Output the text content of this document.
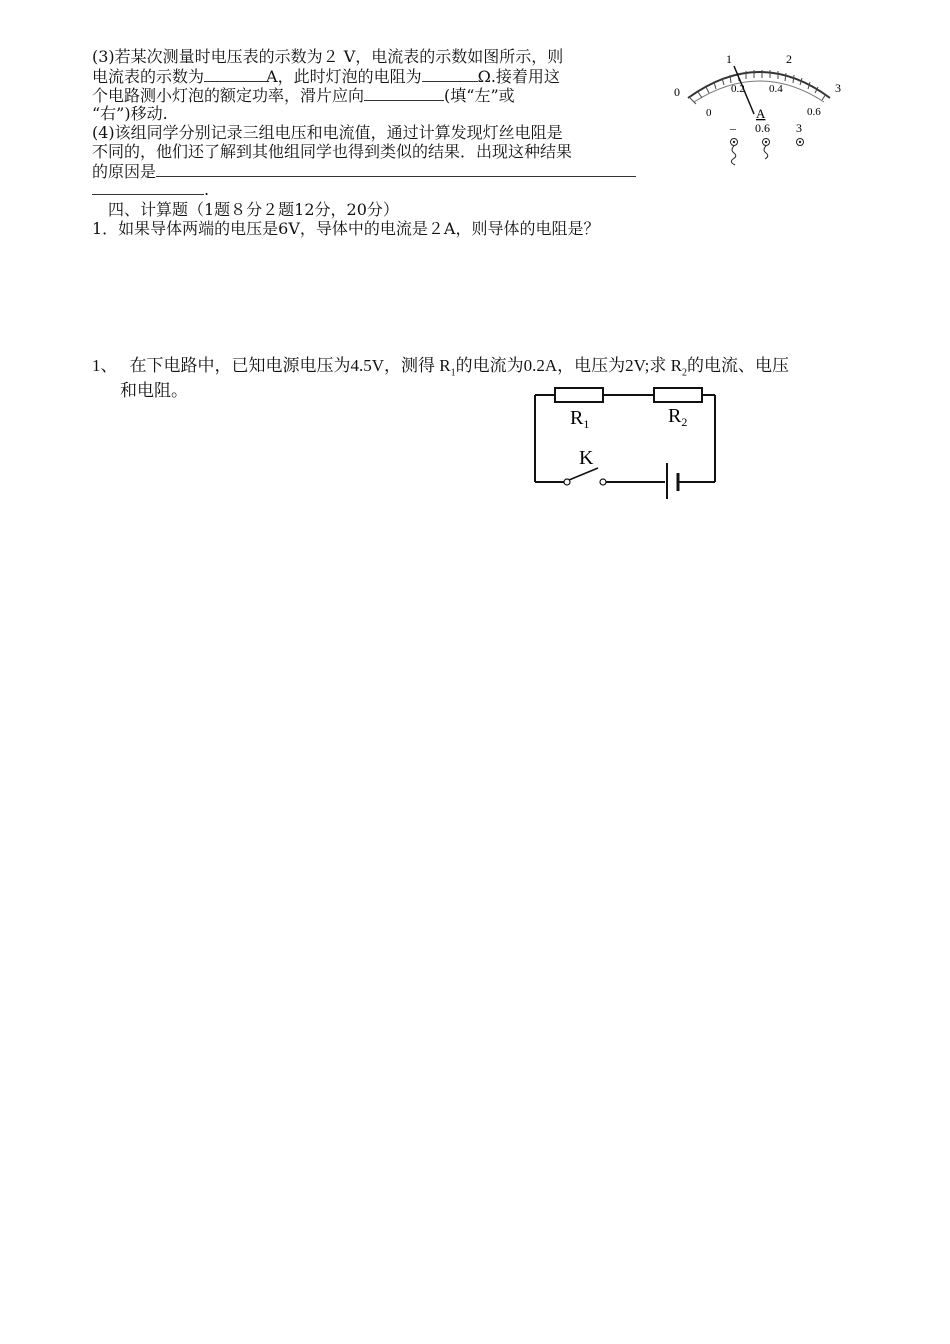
(3)若某次测量时电压表的示数为２ V，电流表的示数如图所示，则
电流表的示数为	A，此时灯泡的电阻为	Ω.接着用这
个电路测小灯泡的额定功率，滑片应向	(填“左”或
“右”)移动.
(4)该组同学分别记录三组电压和电流值，通过计算发现灯丝电阻是
不同的，他们还了解到其他组同学也得到类似的结果．出现这种结果
的原因是
.
四、计算题（1题８分２题12分，20分）
1．如果导体两端的电压是6V，导体中的电流是２A，则导体的电阻是？
1、 在下电路中，已知电源电压为4.5V，测得 $R_1$的电流为0.2A，电压为2V;求 $R_2$的电流、电压
和电阻。
0
1	2
3
0
0.2 0.4
0.6
A
– 0.6 3
$R_1$	$R_2$
K
